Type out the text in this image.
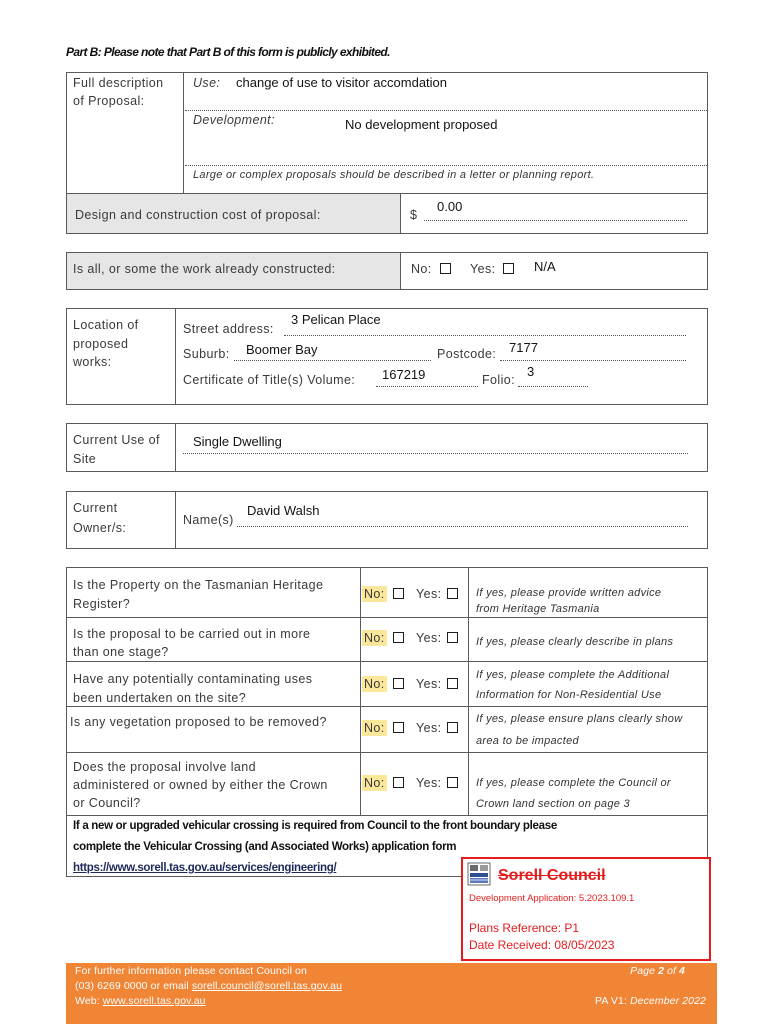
Part B: Please note that Part B of this form is publicly exhibited.
Full description
of Proposal:
Use: change of use to visitor accomdation
Development:	No development proposed
Large or complex proposals should be described in a letter or planning report.
Design and construction cost of proposal:	$
0.00
Is all, or some the work already constructed:	No:	Yes:	N/A
Location of
proposed
works:
Street address:
3 Pelican Place
Suburb: Boomer Bay	Postcode: 7177
Certificate of Title(s) Volume: 167219	Folio:
3
Current Use of
Site
Single Dwelling
Current
Owner/s:
Name(s)
David Walsh
Is the Property on the Tasmanian Heritage
Register?
No:	Yes:	If yes, please provide written advice
from Heritage Tasmania
Is the proposal to be carried out in more
than one stage?
No:	Yes:	If yes, please clearly describe in plans
Have any potentially contaminating uses
been undertaken on the site?
No:	Yes:
If yes, please complete the Additional
Information for Non-Residential Use
Is any vegetation proposed to be removed?	No:	Yes:
If yes, please ensure plans clearly show
area to be impacted
Does the proposal involve land
administered or owned by either the Crown
or Council?
No:	Yes:	If yes, please complete the Council or
Crown land section on page 3
If a new or upgraded vehicular crossing is required from Council to the front boundary please
complete the Vehicular Crossing (and Associated Works) application form
https://www.sorell.tas.gov.au/services/engineering/	Sorell Council
Development Application: 5.2023.109.1
Plans Reference: P1
Date Received: 08/05/2023
For further information please contact Council on
(03) 6269 0000 or email sorell.council@sorell.tas.gov.au
Web: www.sorell.tas.gov.au
Page 2 of 4
PA V1: December 2022
